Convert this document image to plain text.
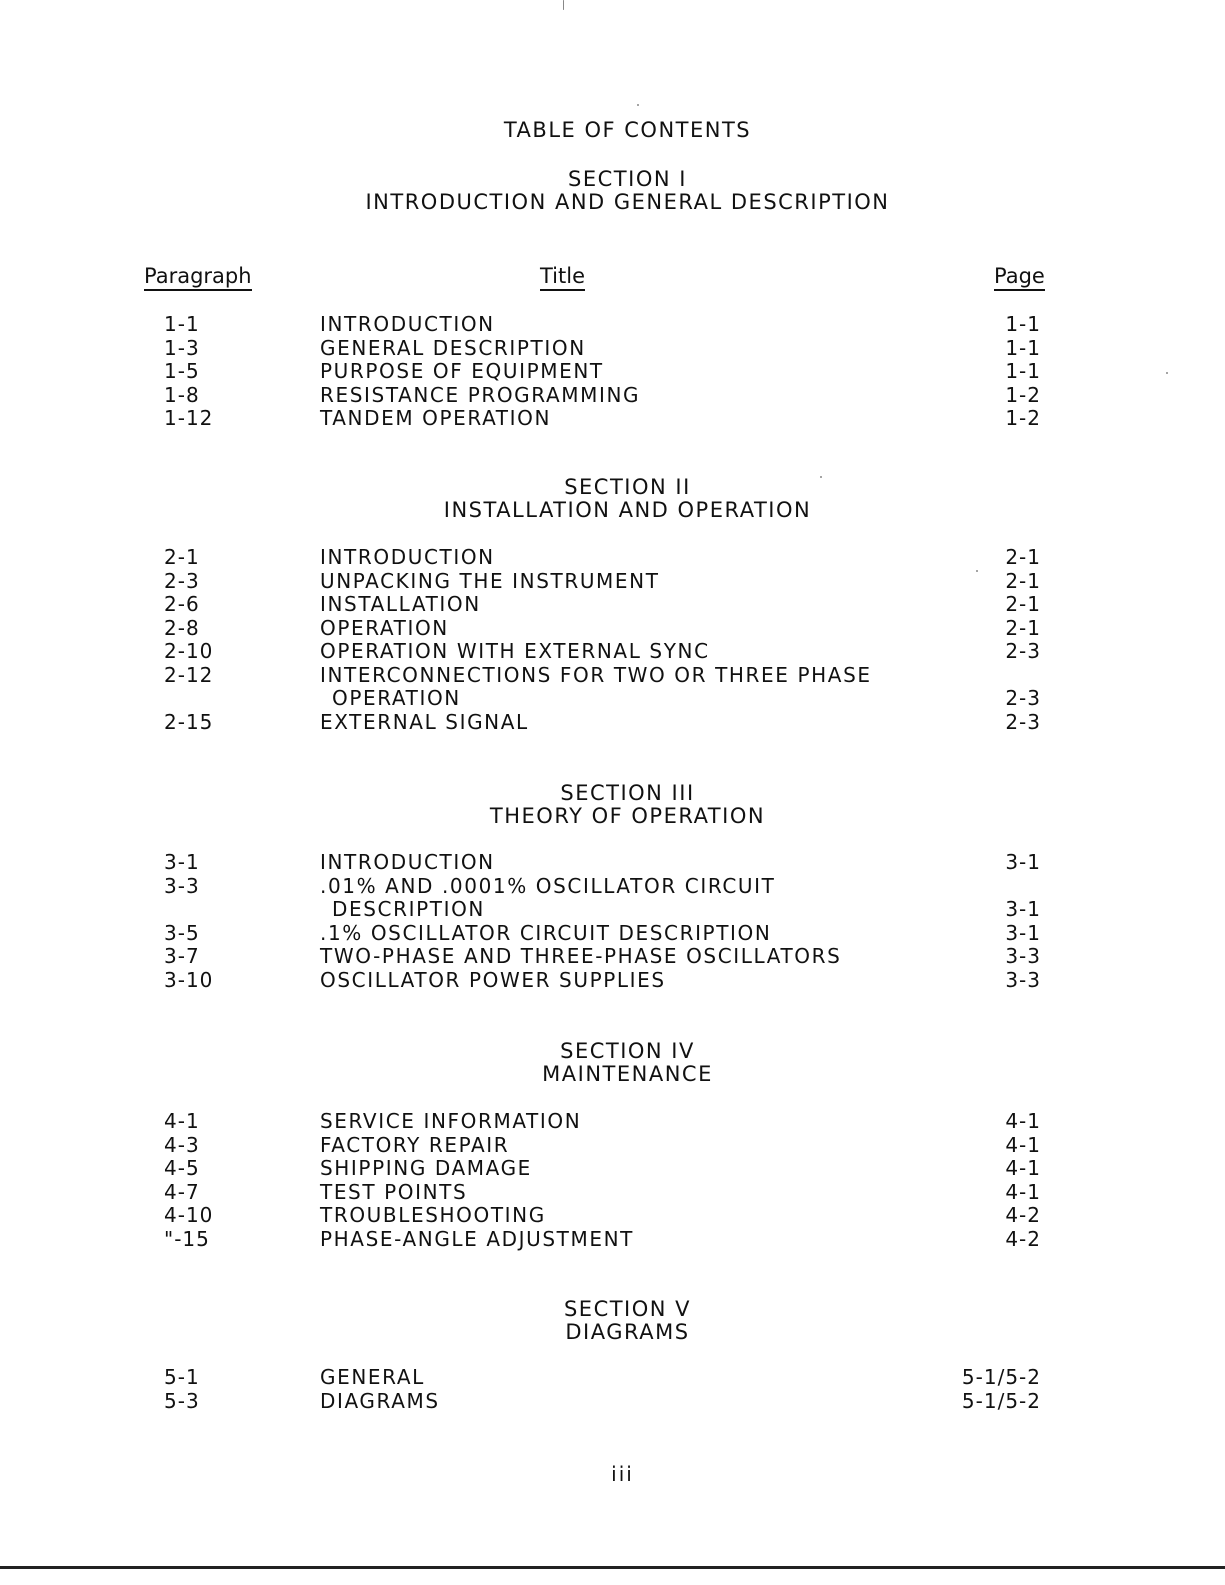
TABLE OF CONTENTS
SECTION I
INTRODUCTION AND GENERAL DESCRIPTION
Paragraph	Title	Page
1-1	INTRODUCTION	1-1
1-3	GENERAL DESCRIPTION	1-1
1-5	PURPOSE OF EQUIPMENT	1-1
1-8	RESISTANCE PROGRAMMING	1-2
1-12	TANDEM OPERATION	1-2
SECTION II
INSTALLATION AND OPERATION
2-1	INTRODUCTION	2-1
2-3	UNPACKING THE INSTRUMENT	2-1
2-6	INSTALLATION	2-1
2-8	OPERATION	2-1
2-10	OPERATION WITH EXTERNAL SYNC	2-3
2-12	INTERCONNECTIONS FOR TWO OR THREE PHASE
OPERATION	2-3
2-15	EXTERNAL SIGNAL	2-3
SECTION III
THEORY OF OPERATION
3-1	INTRODUCTION	3-1
3-3	.01% AND .0001% OSCILLATOR CIRCUIT
DESCRIPTION	3-1
3-5	.1% OSCILLATOR CIRCUIT DESCRIPTION	3-1
3-7	TWO-PHASE AND THREE-PHASE OSCILLATORS	3-3
3-10	OSCILLATOR POWER SUPPLIES	3-3
SECTION IV
MAINTENANCE
4-1	SERVICE INFORMATION	4-1
4-3	FACTORY REPAIR	4-1
4-5	SHIPPING DAMAGE	4-1
4-7	TEST POINTS	4-1
4-10	TROUBLESHOOTING	4-2
"-15	PHASE-ANGLE ADJUSTMENT	4-2
SECTION V
DIAGRAMS
5-1	GENERAL	5-1/5-2
5-3	DIAGRAMS	5-1/5-2
iii
